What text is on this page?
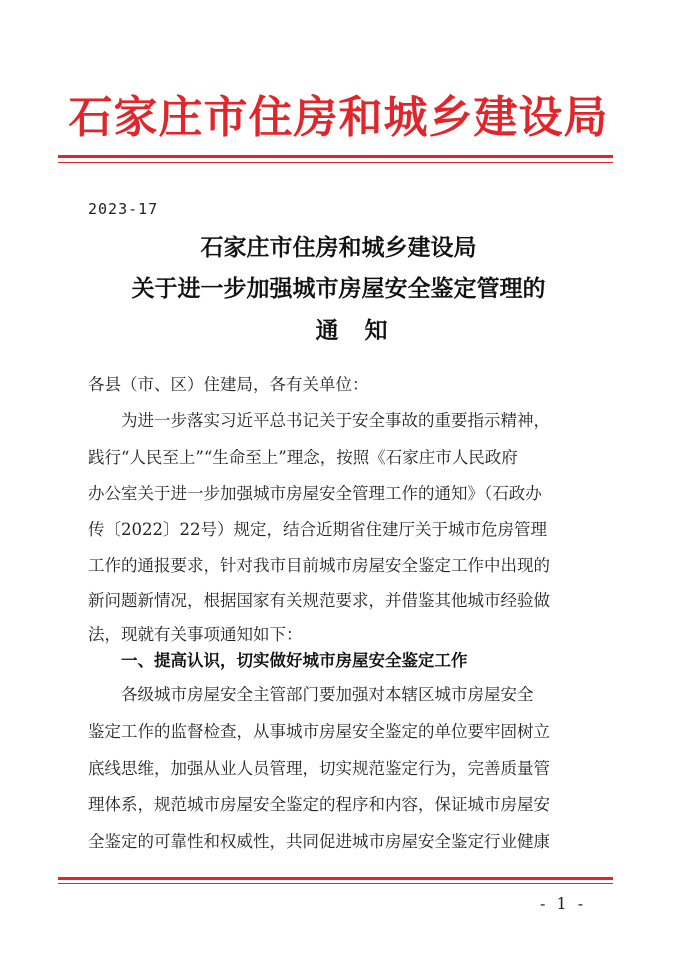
石家庄市住房和城乡建设局
2023-17
石家庄市住房和城乡建设局
关于进一步加强城市房屋安全鉴定管理的
通知
各县（市、区）住建局，各有关单位：
为进一步落实习近平总书记关于安全事故的重要指示精神，
践行“人民至上”“生命至上”理念，按照《石家庄市人民政府
办公室关于进一步加强城市房屋安全管理工作的通知》（石政办
传〔2022〕22号）规定，结合近期省住建厅关于城市危房管理
工作的通报要求，针对我市目前城市房屋安全鉴定工作中出现的
新问题新情况，根据国家有关规范要求，并借鉴其他城市经验做
法，现就有关事项通知如下：
一、提高认识，切实做好城市房屋安全鉴定工作
各级城市房屋安全主管部门要加强对本辖区城市房屋安全
鉴定工作的监督检查，从事城市房屋安全鉴定的单位要牢固树立
底线思维，加强从业人员管理，切实规范鉴定行为，完善质量管
理体系，规范城市房屋安全鉴定的程序和内容，保证城市房屋安
全鉴定的可靠性和权威性，共同促进城市房屋安全鉴定行业健康
- 1 -
